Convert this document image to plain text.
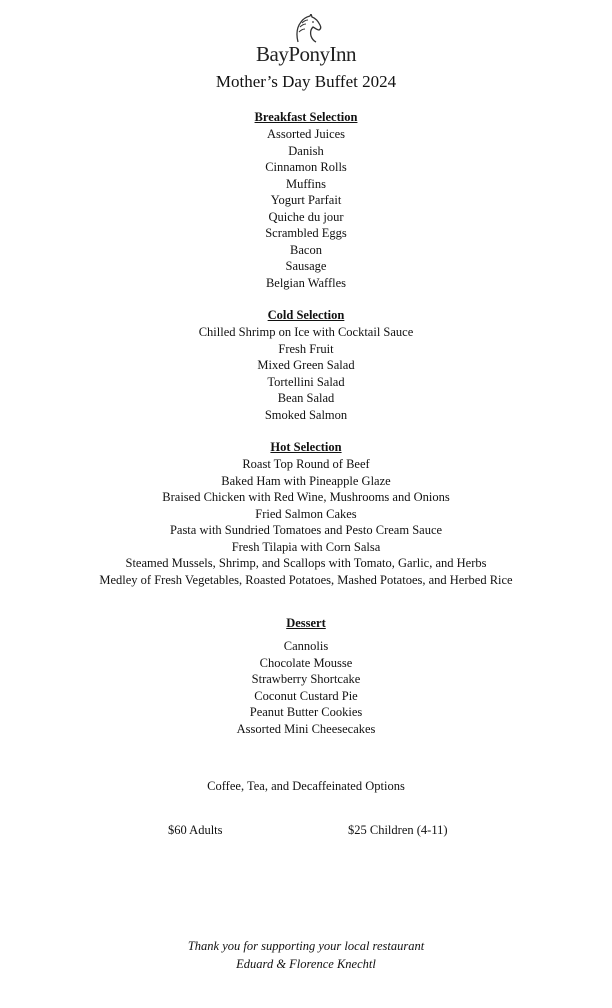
BayPonyInn
Mother’s Day Buffet 2024
Breakfast Selection
Assorted Juices
Danish
Cinnamon Rolls
Muffins
Yogurt Parfait
Quiche du jour
Scrambled Eggs
Bacon
Sausage
Belgian Waffles
Cold Selection
Chilled Shrimp on Ice with Cocktail Sauce
Fresh Fruit
Mixed Green Salad
Tortellini Salad
Bean Salad
Smoked Salmon
Hot Selection
Roast Top Round of Beef
Baked Ham with Pineapple Glaze
Braised Chicken with Red Wine, Mushrooms and Onions
Fried Salmon Cakes
Pasta with Sundried Tomatoes and Pesto Cream Sauce
Fresh Tilapia with Corn Salsa
Steamed Mussels, Shrimp, and Scallops with Tomato, Garlic, and Herbs
Medley of Fresh Vegetables, Roasted Potatoes, Mashed Potatoes, and Herbed Rice
Dessert
Cannolis
Chocolate Mousse
Strawberry Shortcake
Coconut Custard Pie
Peanut Butter Cookies
Assorted Mini Cheesecakes
Coffee, Tea, and Decaffeinated Options
$60 Adults	$25 Children (4-11)
Thank you for supporting your local restaurant
Eduard & Florence Knechtl
